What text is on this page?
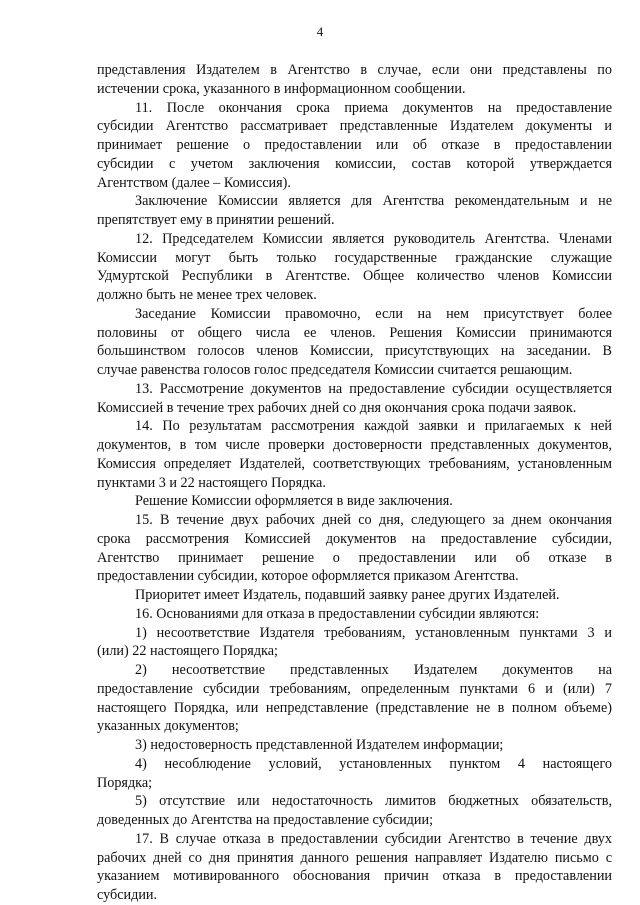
4
представления Издателем в Агентство в случае, если они представлены по
истечении срока, указанного в информационном сообщении.
11. После окончания срока приема документов на предоставление
субсидии Агентство рассматривает представленные Издателем документы и
принимает решение о предоставлении или об отказе в предоставлении
субсидии с учетом заключения комиссии, состав которой утверждается
Агентством (далее – Комиссия).
Заключение Комиссии является для Агентства рекомендательным и не
препятствует ему в принятии решений.
12. Председателем Комиссии является руководитель Агентства. Членами
Комиссии могут быть только государственные гражданские служащие
Удмуртской Республики в Агентстве. Общее количество членов Комиссии
должно быть не менее трех человек.
Заседание Комиссии правомочно, если на нем присутствует более
половины от общего числа ее членов. Решения Комиссии принимаются
большинством голосов членов Комиссии, присутствующих на заседании. В
случае равенства голосов голос председателя Комиссии считается решающим.
13. Рассмотрение документов на предоставление субсидии осуществляется
Комиссией в течение трех рабочих дней со дня окончания срока подачи заявок.
14. По результатам рассмотрения каждой заявки и прилагаемых к ней
документов, в том числе проверки достоверности представленных документов,
Комиссия определяет Издателей, соответствующих требованиям, установленным
пунктами 3 и 22 настоящего Порядка.
Решение Комиссии оформляется в виде заключения.
15. В течение двух рабочих дней со дня, следующего за днем окончания
срока рассмотрения Комиссией документов на предоставление субсидии,
Агентство принимает решение о предоставлении или об отказе в
предоставлении субсидии, которое оформляется приказом Агентства.
Приоритет имеет Издатель, подавший заявку ранее других Издателей.
16. Основаниями для отказа в предоставлении субсидии являются:
1) несоответствие Издателя требованиям, установленным пунктами 3 и
(или) 22 настоящего Порядка;
2) несоответствие представленных Издателем документов на
предоставление субсидии требованиям, определенным пунктами 6 и (или) 7
настоящего Порядка, или непредставление (представление не в полном объеме)
указанных документов;
3) недостоверность представленной Издателем информации;
4) несоблюдение условий, установленных пунктом 4 настоящего
Порядка;
5) отсутствие или недостаточность лимитов бюджетных обязательств,
доведенных до Агентства на предоставление субсидии;
17. В случае отказа в предоставлении субсидии Агентство в течение двух
рабочих дней со дня принятия данного решения направляет Издателю письмо с
указанием мотивированного обоснования причин отказа в предоставлении
субсидии.
